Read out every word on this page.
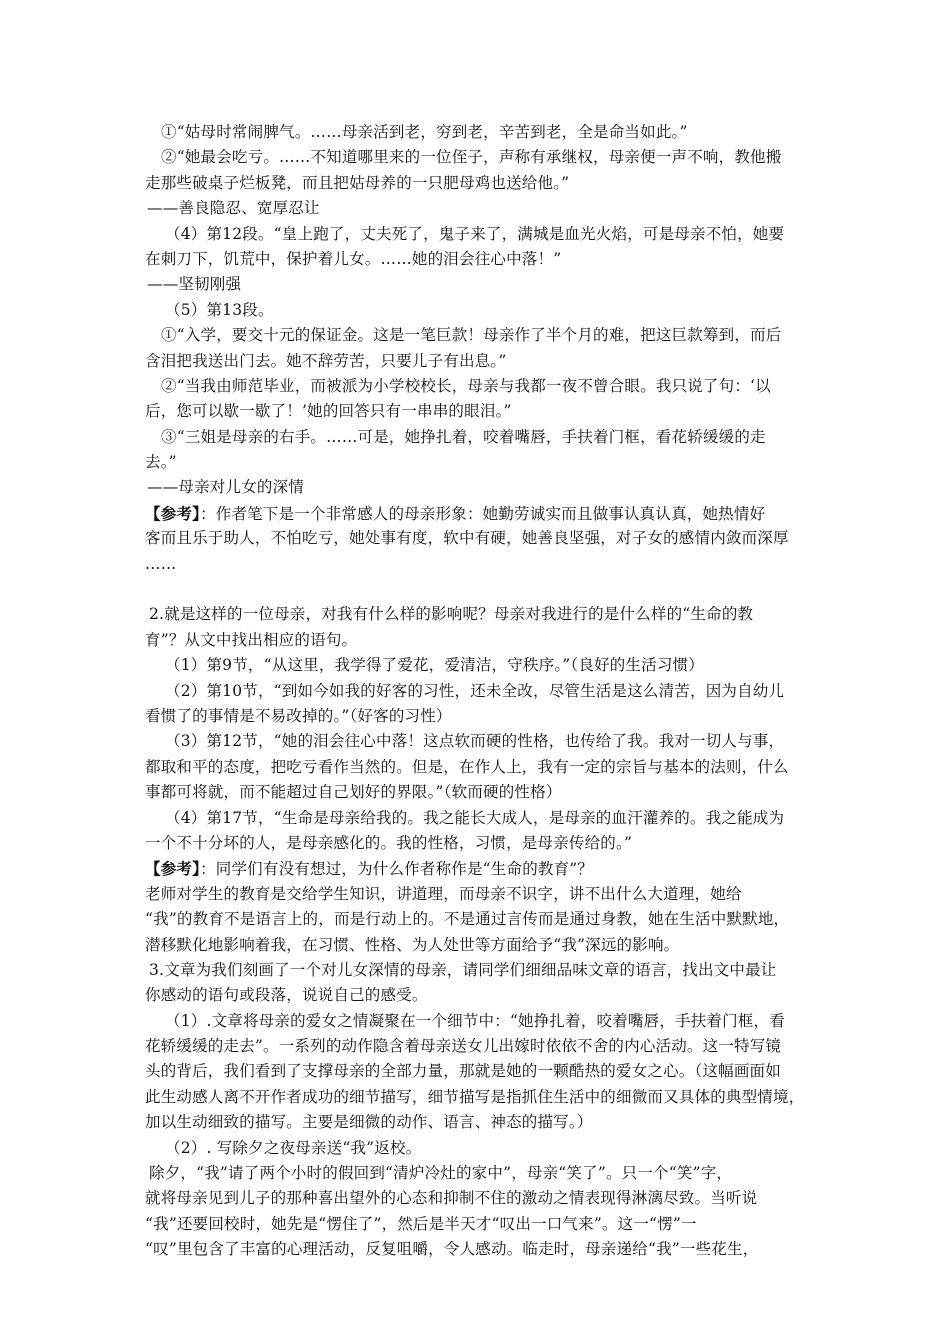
①“姑母时常闹脾气。……母亲活到老，穷到老，辛苦到老，全是命当如此。”
②“她最会吃亏。……不知道哪里来的一位侄子，声称有承继权，母亲便一声不响，教他搬
走那些破桌子烂板凳，而且把姑母养的一只肥母鸡也送给他。”
——善良隐忍、宽厚忍让
（4）第12段。“皇上跑了，丈夫死了，鬼子来了，满城是血光火焰，可是母亲不怕，她要
在刺刀下，饥荒中，保护着儿女。……她的泪会往心中落！”
——坚韧刚强
（5）第13段。
①“入学，要交十元的保证金。这是一笔巨款！母亲作了半个月的难，把这巨款筹到，而后
含泪把我送出门去。她不辞劳苦，只要儿子有出息。”
②“当我由师范毕业，而被派为小学校校长，母亲与我都一夜不曾合眼。我只说了句：‘以
后，您可以歇一歇了！’她的回答只有一串串的眼泪。”
③“三姐是母亲的右手。……可是，她挣扎着，咬着嘴唇，手扶着门框，看花轿缓缓的走
去。”
——母亲对儿女的深情
【参考】：作者笔下是一个非常感人的母亲形象：她勤劳诚实而且做事认真认真，她热情好
客而且乐于助人，不怕吃亏，她处事有度，软中有硬，她善良坚强，对子女的感情内敛而深厚
……
2.就是这样的一位母亲，对我有什么样的影响呢？母亲对我进行的是什么样的“生命的教
育”？从文中找出相应的语句。
（1）第9节，“从这里，我学得了爱花，爱清洁，守秩序。”（良好的生活习惯）
（2）第10节，“到如今如我的好客的习性，还未全改，尽管生活是这么清苦，因为自幼儿
看惯了的事情是不易改掉的。”（好客的习性）
（3）第12节，“她的泪会往心中落！这点软而硬的性格，也传给了我。我对一切人与事，
都取和平的态度，把吃亏看作当然的。但是，在作人上，我有一定的宗旨与基本的法则，什么
事都可将就，而不能超过自己划好的界限。”（软而硬的性格）
（4）第17节，“生命是母亲给我的。我之能长大成人，是母亲的血汗灌养的。我之能成为
一个不十分坏的人，是母亲感化的。我的性格，习惯，是母亲传给的。”
【参考】：同学们有没有想过，为什么作者称作是“生命的教育”？
老师对学生的教育是交给学生知识，讲道理，而母亲不识字，讲不出什么大道理，她给
“我”的教育不是语言上的，而是行动上的。不是通过言传而是通过身教，她在生活中默默地，
潜移默化地影响着我，在习惯、性格、为人处世等方面给予“我”深远的影响。
3.文章为我们刻画了一个对儿女深情的母亲，请同学们细细品味文章的语言，找出文中最让
你感动的语句或段落，说说自己的感受。
（1）.文章将母亲的爱女之情凝聚在一个细节中：“她挣扎着，咬着嘴唇，手扶着门框，看
花轿缓缓的走去”。一系列的动作隐含着母亲送女儿出嫁时依依不舍的内心活动。这一特写镜
头的背后，我们看到了支撑母亲的全部力量，那就是她的一颗酷热的爱女之心。（这幅画面如
此生动感人离不开作者成功的细节描写，细节描写是指抓住生活中的细微而又具体的典型情境，
加以生动细致的描写。主要是细微的动作、语言、神态的描写。）
（2）. 写除夕之夜母亲送“我”返校。
除夕，“我”请了两个小时的假回到“清炉冷灶的家中”，母亲“笑了”。只一个“笑”字，
就将母亲见到儿子的那种喜出望外的心态和抑制不住的激动之情表现得淋漓尽致。当听说
“我”还要回校时，她先是“愣住了”，然后是半天才“叹出一口气来”。这一“愣”一
“叹”里包含了丰富的心理活动，反复咀嚼，令人感动。临走时，母亲递给“我”一些花生，
